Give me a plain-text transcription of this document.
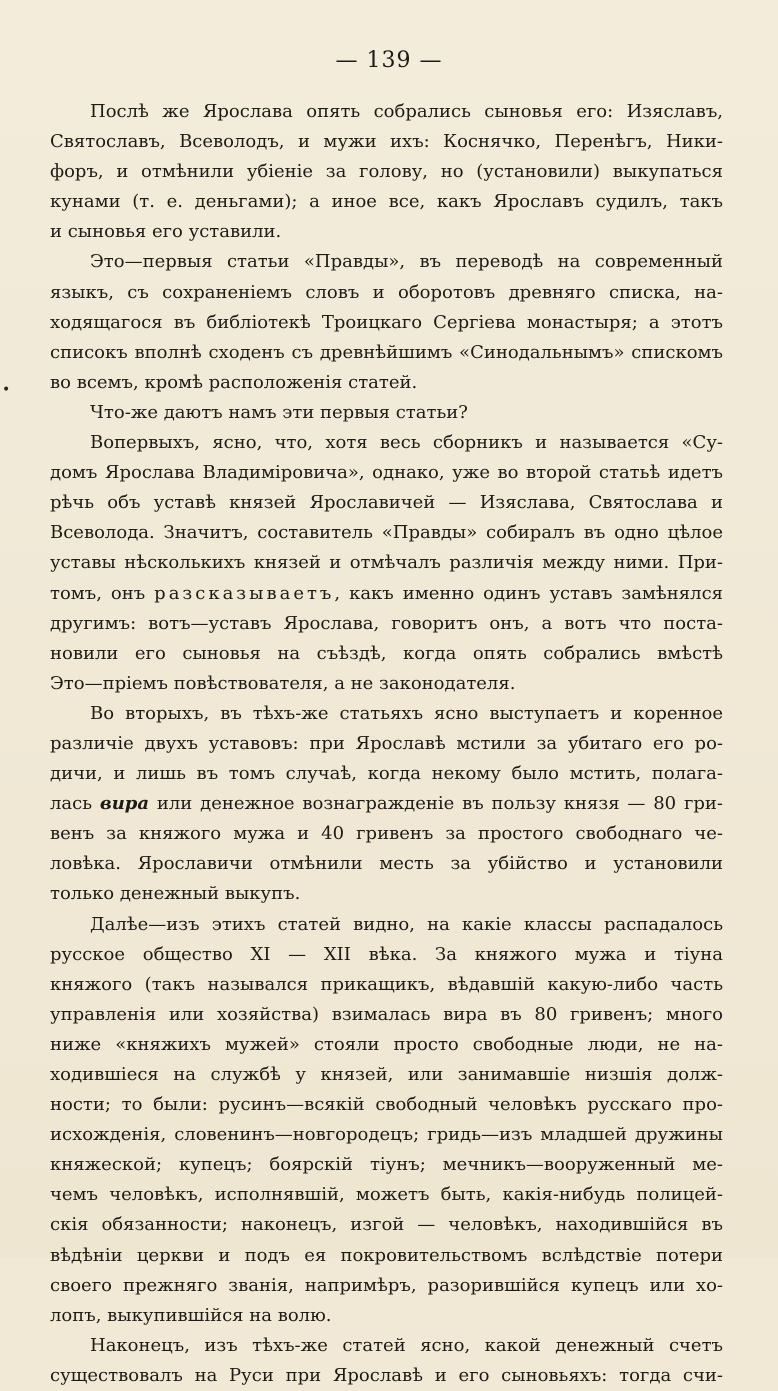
— 139 —
•
Послѣ же Ярослава опять собрались сыновья его: Изяславъ,
Святославъ, Всеволодъ, и мужи ихъ: Коснячко, Перенѣгъ, Ники-
форъ, и отмѣнили убіеніе за голову, но (установили) выкупаться
кунами (т. е. деньгами); а иное все, какъ Ярославъ судилъ, такъ
и сыновья его уставили.
Это—первыя статьи «Правды», въ переводѣ на современный
языкъ, съ сохраненіемъ словъ и оборотовъ древняго списка, на-
ходящагося въ библіотекѣ Троицкаго Сергіева монастыря; а этотъ
списокъ вполнѣ сходенъ съ древнѣйшимъ «Синодальнымъ» спискомъ
во всемъ, кромѣ расположенія статей.
Что-же даютъ намъ эти первыя статьи?
Вопервыхъ, ясно, что, хотя весь сборникъ и называется «Су-
домъ Ярослава Владиміровича», однако, уже во второй статьѣ идетъ
рѣчь объ уставѣ князей Ярославичей — Изяслава, Святослава и
Всеволода. Значитъ, составитель «Правды» собиралъ въ одно цѣлое
уставы нѣсколькихъ князей и отмѣчалъ различія между ними. При-
томъ, онъ разсказываетъ, какъ именно одинъ уставъ замѣнялся
другимъ: вотъ—уставъ Ярослава, говоритъ онъ, а вотъ что поста-
новили его сыновья на съѣздѣ, когда опять собрались вмѣстѣ
Это—пріемъ повѣствователя, а не законодателя.
Во вторыхъ, въ тѣхъ-же статьяхъ ясно выступаетъ и коренное
различіе двухъ уставовъ: при Ярославѣ мстили за убитаго его ро-
дичи, и лишь въ томъ случаѣ, когда некому было мстить, полага-
лась вира или денежное вознагражденіе въ пользу князя — 80 гри-
венъ за княжого мужа и 40 гривенъ за простого свободнаго че-
ловѣка. Ярославичи отмѣнили месть за убійство и установили
только денежный выкупъ.
Далѣе—изъ этихъ статей видно, на какіе классы распадалось
русское общество XI — XII вѣка. За княжого мужа и тіуна
княжого (такъ назывался прикащикъ, вѣдавшій какую-либо часть
управленія или хозяйства) взималась вира въ 80 гривенъ; много
ниже «княжихъ мужей» стояли просто свободные люди, не на-
ходившіеся на службѣ у князей, или занимавшіе низшія долж-
ности; то были: русинъ—всякій свободный человѣкъ русскаго про-
исхожденія, словенинъ—новгородецъ; гридь—изъ младшей дружины
княжеской; купецъ; боярскій тіунъ; мечникъ—вооруженный ме-
чемъ человѣкъ, исполнявшій, можетъ быть, какія-нибудь полицей-
скія обязанности; наконецъ, изгой — человѣкъ, находившійся въ
вѣдѣніи церкви и подъ ея покровительствомъ вслѣдствіе потери
своего прежняго званія, напримѣръ, разорившійся купецъ или хо-
лопъ, выкупившійся на волю.
Наконецъ, изъ тѣхъ-же статей ясно, какой денежный счетъ
существовалъ на Руси при Ярославѣ и его сыновьяхъ: тогда счи-
